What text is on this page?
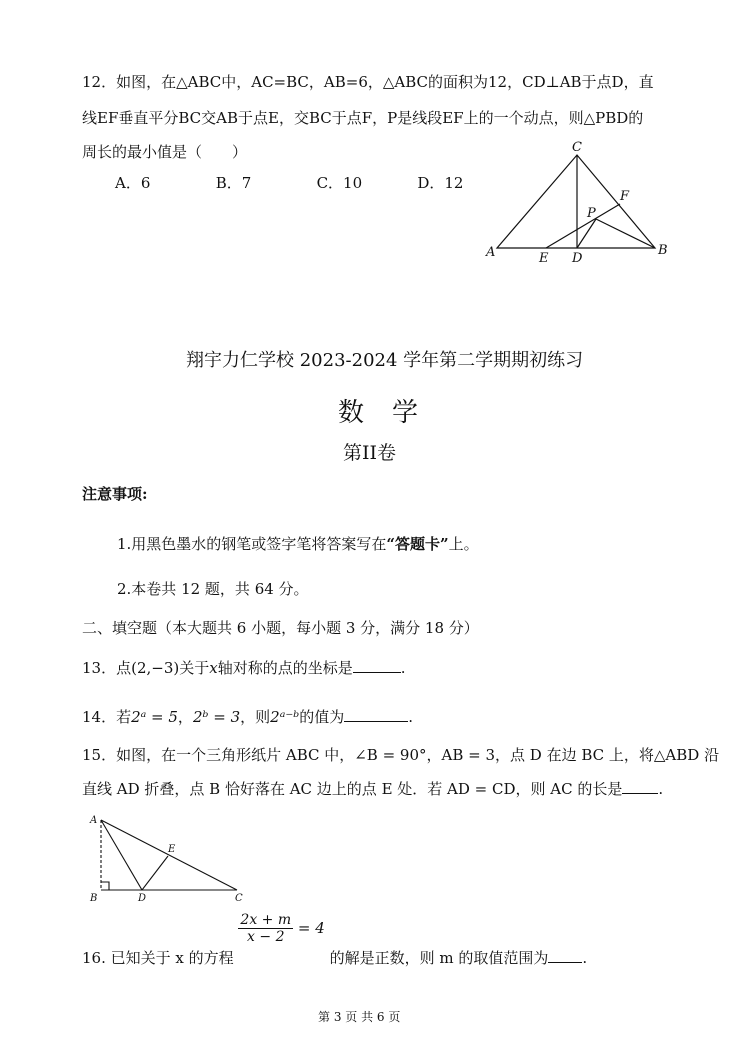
12．如图，在△ABC中，AC=BC，AB=6，△ABC的面积为12，CD⊥AB于点D，直
线EF垂直平分BC交AB于点E，交BC于点F，P是线段EF上的一个动点，则△PBD的
周长的最小值是（　　）
A．6	B．7	C．10	D．12
A	B
C
D
E
F
P
翔宇力仁学校 2023-2024 学年第二学期期初练习
数学
第II卷
注意事项:
1.用黑色墨水的钢笔或签字笔将答案写在“答题卡”上。
2.本卷共 12 题，共 64 分。
二、填空题（本大题共 6 小题，每小题 3 分，满分 18 分）
13．点(2,−3)关于x轴对称的点的坐标是	.
14．若2ᵃ = 5，2ᵇ = 3，则2ᵃ⁻ᵇ的值为	.
15．如图，在一个三角形纸片 ABC 中，∠B = 90°，AB = 3，点 D 在边 BC 上，将△ABD 沿
直线 AD 折叠，点 B 恰好落在 AC 边上的点 E 处．若 AD = CD，则 AC 的长是 .
A
B	C
D
E
16. 已知关于 x 的方程
$\frac{2x + m}{x - 2} = 4$ 的解是正数，则 m 的取值范围为 .
第 3 页 共 6 页
